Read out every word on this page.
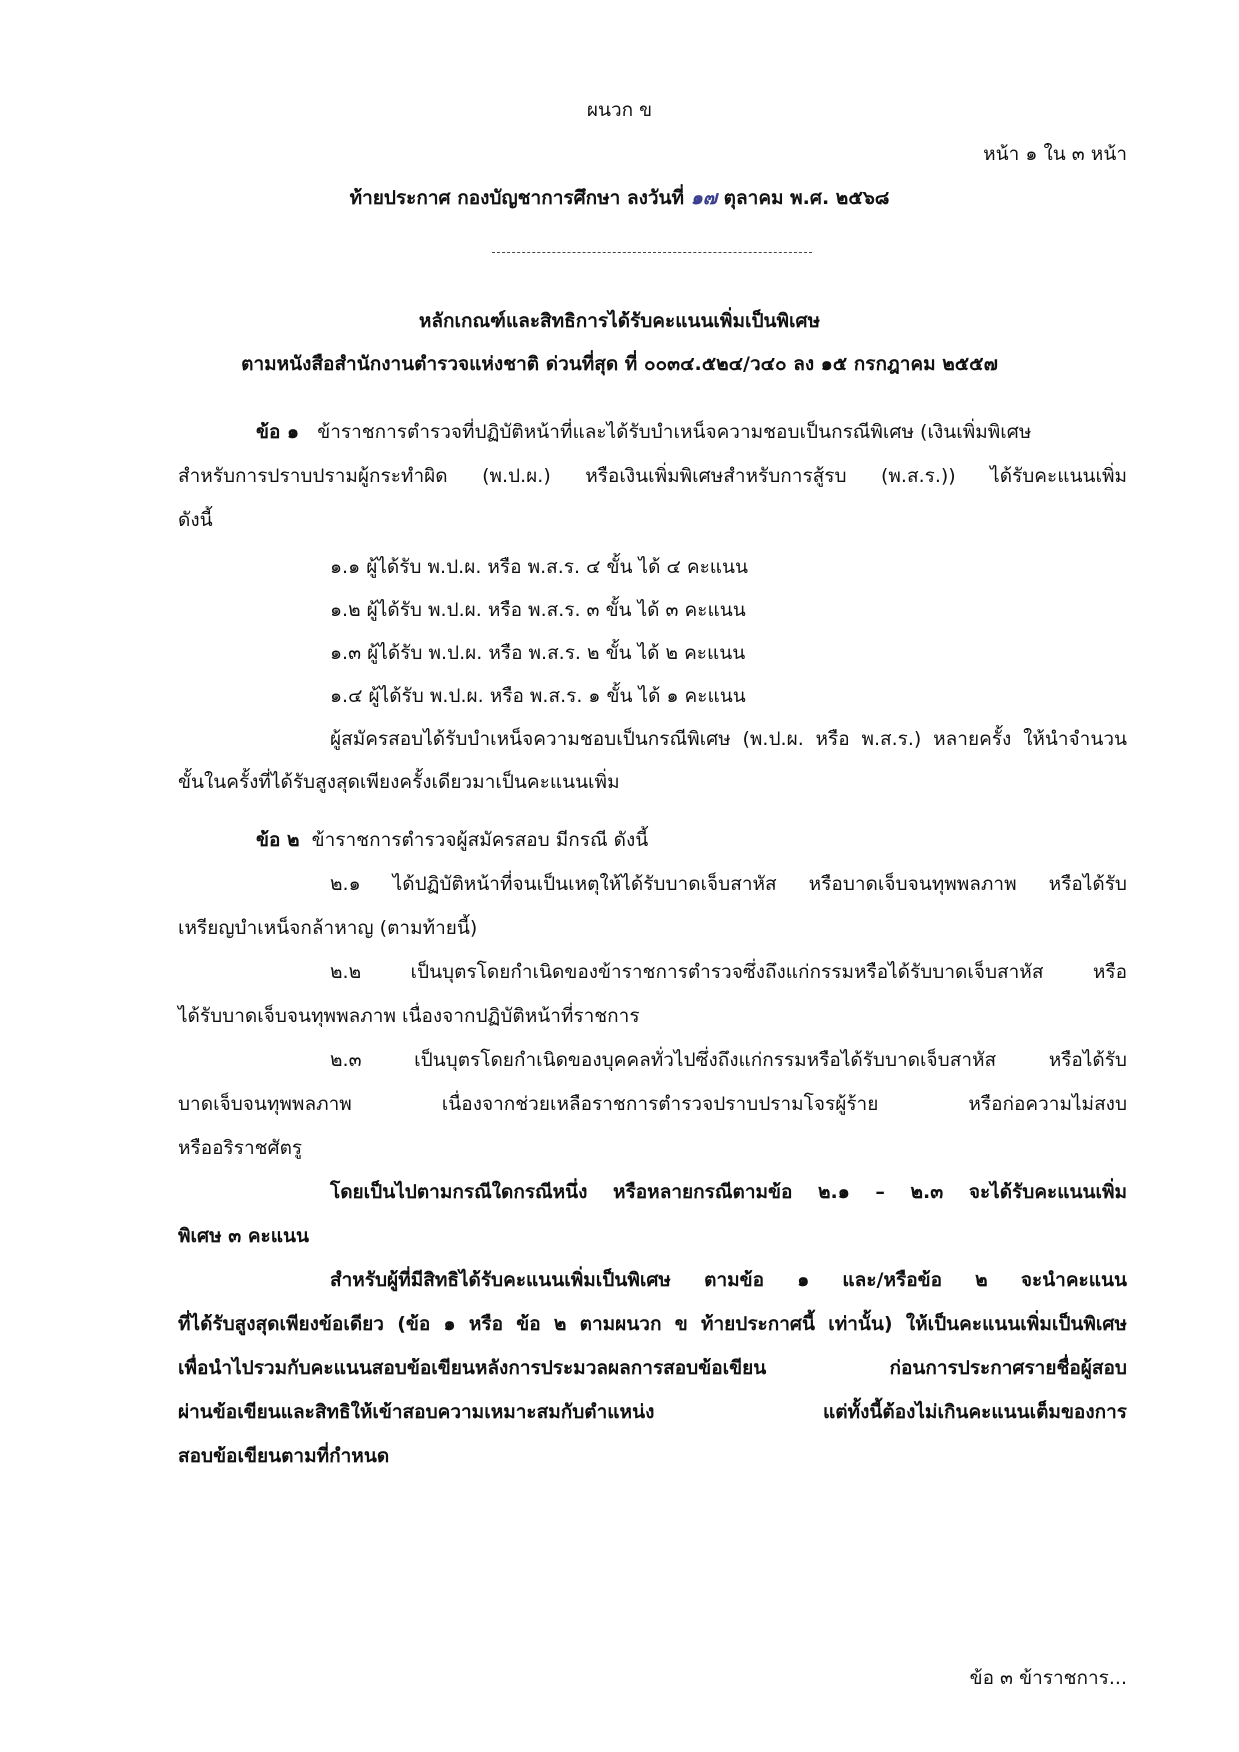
ผนวก ข
หน้า ๑ ใน ๓ หน้า
ท้ายประกาศ กองบัญชาการศึกษา ลงวันที่ ๑๗ ตุลาคม พ.ศ. ๒๕๖๘
หลักเกณฑ์และสิทธิการได้รับคะแนนเพิ่มเป็นพิเศษ
ตามหนังสือสำนักงานตำรวจแห่งชาติ ด่วนที่สุด ที่ ๐๐๓๔.๕๒๔/ว๔๐ ลง ๑๕ กรกฎาคม ๒๕๕๗
ข้อ ๑ ข้าราชการตำรวจที่ปฏิบัติหน้าที่และได้รับบำเหน็จความชอบเป็นกรณีพิเศษ (เงินเพิ่มพิเศษ
สำหรับการปราบปรามผู้กระทำผิด (พ.ป.ผ.) หรือเงินเพิ่มพิเศษสำหรับการสู้รบ (พ.ส.ร.)) ได้รับคะแนนเพิ่ม
ดังนี้
๑.๑ ผู้ได้รับ พ.ป.ผ. หรือ พ.ส.ร. ๔ ขั้น ได้ ๔ คะแนน
๑.๒ ผู้ได้รับ พ.ป.ผ. หรือ พ.ส.ร. ๓ ขั้น ได้ ๓ คะแนน
๑.๓ ผู้ได้รับ พ.ป.ผ. หรือ พ.ส.ร. ๒ ขั้น ได้ ๒ คะแนน
๑.๔ ผู้ได้รับ พ.ป.ผ. หรือ พ.ส.ร. ๑ ขั้น ได้ ๑ คะแนน
ผู้สมัครสอบได้รับบำเหน็จความชอบเป็นกรณีพิเศษ (พ.ป.ผ. หรือ พ.ส.ร.) หลายครั้ง ให้นำจำนวน
ขั้นในครั้งที่ได้รับสูงสุดเพียงครั้งเดียวมาเป็นคะแนนเพิ่ม
ข้อ ๒ ข้าราชการตำรวจผู้สมัครสอบ มีกรณี ดังนี้
๒.๑ ได้ปฏิบัติหน้าที่จนเป็นเหตุให้ได้รับบาดเจ็บสาหัส หรือบาดเจ็บจนทุพพลภาพ หรือได้รับ
เหรียญบำเหน็จกล้าหาญ (ตามท้ายนี้)
๒.๒ เป็นบุตรโดยกำเนิดของข้าราชการตำรวจซึ่งถึงแก่กรรมหรือได้รับบาดเจ็บสาหัส หรือ
ได้รับบาดเจ็บจนทุพพลภาพ เนื่องจากปฏิบัติหน้าที่ราชการ
๒.๓ เป็นบุตรโดยกำเนิดของบุคคลทั่วไปซึ่งถึงแก่กรรมหรือได้รับบาดเจ็บสาหัส หรือได้รับ
บาดเจ็บจนทุพพลภาพ เนื่องจากช่วยเหลือราชการตำรวจปราบปรามโจรผู้ร้าย หรือก่อความไม่สงบ
หรืออริราชศัตรู
โดยเป็นไปตามกรณีใดกรณีหนึ่ง หรือหลายกรณีตามข้อ ๒.๑ – ๒.๓ จะได้รับคะแนนเพิ่ม
พิเศษ ๓ คะแนน
สำหรับผู้ที่มีสิทธิได้รับคะแนนเพิ่มเป็นพิเศษ ตามข้อ ๑ และ/หรือข้อ ๒ จะนำคะแนน
ที่ได้รับสูงสุดเพียงข้อเดียว (ข้อ ๑ หรือ ข้อ ๒ ตามผนวก ข ท้ายประกาศนี้ เท่านั้น) ให้เป็นคะแนนเพิ่มเป็นพิเศษ
เพื่อนำไปรวมกับคะแนนสอบข้อเขียนหลังการประมวลผลการสอบข้อเขียน ก่อนการประกาศรายชื่อผู้สอบ
ผ่านข้อเขียนและสิทธิให้เข้าสอบความเหมาะสมกับตำแหน่ง แต่ทั้งนี้ต้องไม่เกินคะแนนเต็มของการ
สอบข้อเขียนตามที่กำหนด
ข้อ ๓ ข้าราชการ...
